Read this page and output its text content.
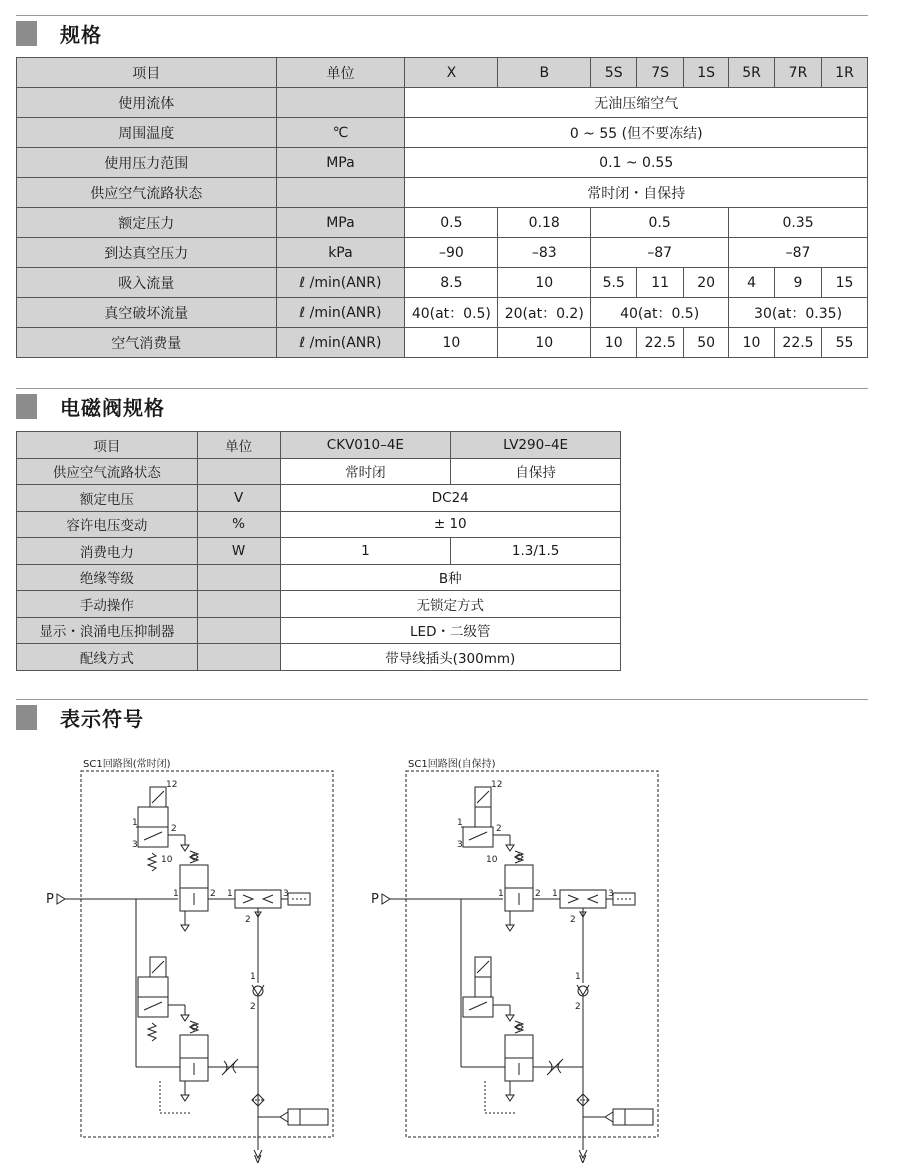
规格
项目	单位	X	B	5S	7S	1S	5R	7R	1R
使用流体		无油压缩空气							
周围温度	℃	0 ~ 55 (但不要冻结)							
使用压力范围	MPa	0.1 ~ 0.55							
供应空气流路状态		常时闭・自保持							
额定压力	MPa	0.5	0.18	0.5			0.35		
到达真空压力	kPa	–90	–83	–87			–87		
吸入流量	ℓ /min(ANR)	8.5	10	5.5	11	20	4	9	15
真空破坏流量	ℓ /min(ANR)	40(at：0.5)	20(at：0.2)	40(at：0.5)			30(at：0.35)		
空气消费量	ℓ /min(ANR)	10	10	10	22.5	50	10	22.5	55
电磁阀规格
项目	单位	CKV010–4E	LV290–4E
供应空气流路状态		常时闭	自保持
额定电压	V	DC24	
容许电压变动	%	± 10	
消费电力	W	1	1.3/1.5
绝缘等级		B种	
手动操作		无锁定方式	
显示・浪涌电压抑制器		LED・二级管	
配线方式		带导线插头(300mm)	
表示符号
SC1回路图(常时闭)	SC1回路图(自保持)
P
V
12
1
2
3
10
1	2 1	3
2
1
2
P
V
12
1
2
3
10
1	2 1	3
2
1
2
